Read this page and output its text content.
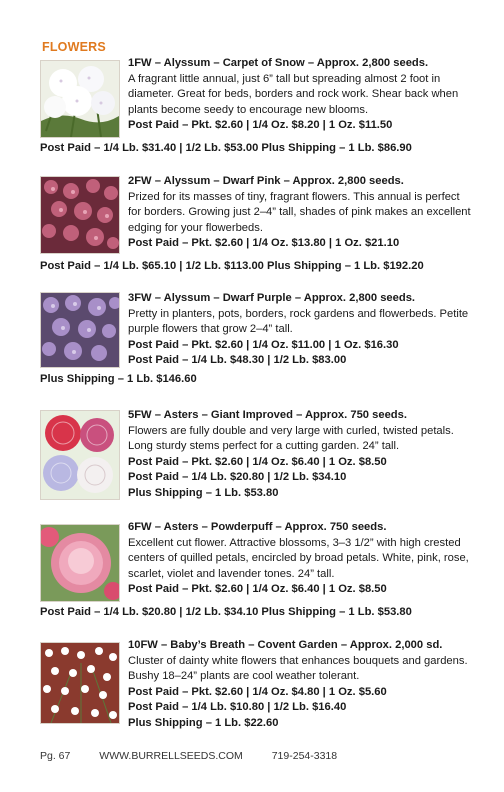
FLOWERS
1FW – Alyssum – Carpet of Snow – Approx. 2,800 seeds.
A fragrant little annual, just 6” tall but spreading almost 2 foot in diameter. Great for beds, borders and rock work. Shear back when plants become seedy to encourage new blooms.
Post Paid – Pkt. $2.60 | 1/4 Oz. $8.20 | 1 Oz. $11.50
Post Paid – 1/4 Lb. $31.40 | 1/2 Lb. $53.00 Plus Shipping – 1 Lb. $86.90
2FW – Alyssum – Dwarf Pink – Approx. 2,800 seeds.
Prized for its masses of tiny, fragrant flowers. This annual is perfect for borders. Growing just 2–4” tall, shades of pink makes an excellent edging for your flowerbeds.
Post Paid – Pkt. $2.60 | 1/4 Oz. $13.80 | 1 Oz. $21.10
Post Paid – 1/4 Lb. $65.10 | 1/2 Lb. $113.00 Plus Shipping – 1 Lb. $192.20
3FW – Alyssum – Dwarf Purple – Approx. 2,800 seeds.
Pretty in planters, pots, borders, rock gardens and flowerbeds. Petite purple flowers that grow 2–4” tall.
Post Paid – Pkt. $2.60 | 1/4 Oz. $11.00 | 1 Oz. $16.30
Post Paid – 1/4 Lb. $48.30 | 1/2 Lb. $83.00
Plus Shipping – 1 Lb. $146.60
5FW – Asters – Giant Improved – Approx. 750 seeds.
Flowers are fully double and very large with curled, twisted petals. Long sturdy stems perfect for a cutting garden. 24” tall. Post Paid – Pkt. $2.60 | 1/4 Oz. $6.40 | 1 Oz. $8.50
Post Paid – 1/4 Lb. $20.80 | 1/2 Lb. $34.10
Plus Shipping – 1 Lb. $53.80
6FW – Asters – Powderpuff – Approx. 750 seeds.
Excellent cut flower. Attractive blossoms, 3–3 1/2” with high crested centers of quilled petals, encircled by broad petals. White, pink, rose, scarlet, violet and lavender tones. 24” tall.
Post Paid – Pkt. $2.60 | 1/4 Oz. $6.40 | 1 Oz. $8.50
Post Paid – 1/4 Lb. $20.80 | 1/2 Lb. $34.10 Plus Shipping – 1 Lb. $53.80
10FW – Baby’s Breath – Covent Garden – Approx. 2,000 sd.
Cluster of dainty white flowers that enhances bouquets and gardens. Bushy 18–24” plants are cool weather tolerant.
Post Paid – Pkt. $2.60 | 1/4 Oz. $4.80 | 1 Oz. $5.60
Post Paid – 1/4 Lb. $10.80 | 1/2 Lb. $16.40
Plus Shipping – 1 Lb. $22.60
Pg. 67	WWW.BURRELLSEEDS.COM	719-254-3318
